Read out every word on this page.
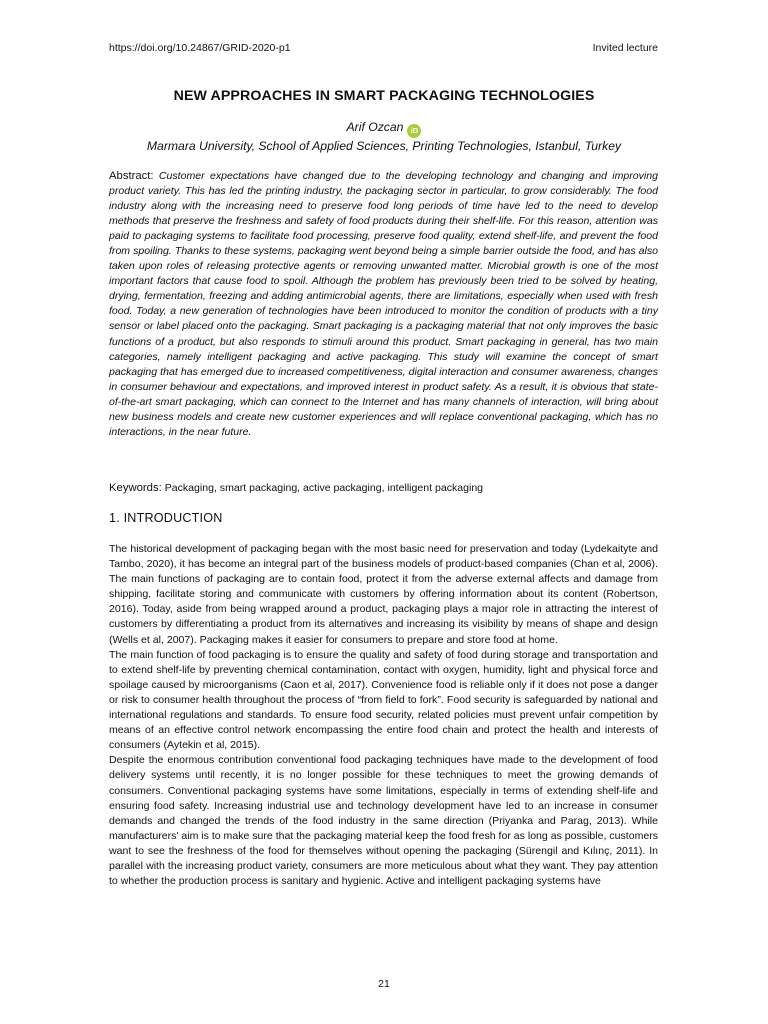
https://doi.org/10.24867/GRID-2020-p1	Invited lecture
NEW APPROACHES IN SMART PACKAGING TECHNOLOGIES
Arif Ozcan iD
Marmara University, School of Applied Sciences, Printing Technologies, Istanbul, Turkey
Abstract: Customer expectations have changed due to the developing technology and changing and improving product variety. This has led the printing industry, the packaging sector in particular, to grow considerably. The food industry along with the increasing need to preserve food long periods of time have led to the need to develop methods that preserve the freshness and safety of food products during their shelf-life. For this reason, attention was paid to packaging systems to facilitate food processing, preserve food quality, extend shelf-life, and prevent the food from spoiling. Thanks to these systems, packaging went beyond being a simple barrier outside the food, and has also taken upon roles of releasing protective agents or removing unwanted matter. Microbial growth is one of the most important factors that cause food to spoil. Although the problem has previously been tried to be solved by heating, drying, fermentation, freezing and adding antimicrobial agents, there are limitations, especially when used with fresh food. Today, a new generation of technologies have been introduced to monitor the condition of products with a tiny sensor or label placed onto the packaging. Smart packaging is a packaging material that not only improves the basic functions of a product, but also responds to stimuli around this product. Smart packaging in general, has two main categories, namely intelligent packaging and active packaging. This study will examine the concept of smart packaging that has emerged due to increased competitiveness, digital interaction and consumer awareness, changes in consumer behaviour and expectations, and improved interest in product safety. As a result, it is obvious that state-of-the-art smart packaging, which can connect to the Internet and has many channels of interaction, will bring about new business models and create new customer experiences and will replace conventional packaging, which has no interactions, in the near future.
Keywords: Packaging, smart packaging, active packaging, intelligent packaging
1. INTRODUCTION

The historical development of packaging began with the most basic need for preservation and today (Lydekaityte and Tambo, 2020), it has become an integral part of the business models of product-based companies (Chan et al, 2006). The main functions of packaging are to contain food, protect it from the adverse external affects and damage from shipping, facilitate storing and communicate with customers by offering information about its content (Robertson, 2016). Today, aside from being wrapped around a product, packaging plays a major role in attracting the interest of customers by differentiating a product from its alternatives and increasing its visibility by means of shape and design (Wells et al, 2007). Packaging makes it easier for consumers to prepare and store food at home.

The main function of food packaging is to ensure the quality and safety of food during storage and transportation and to extend shelf-life by preventing chemical contamination, contact with oxygen, humidity, light and physical force and spoilage caused by microorganisms (Caon et al, 2017). Convenience food is reliable only if it does not pose a danger or risk to consumer health throughout the process of “from field to fork”. Food security is safeguarded by national and international regulations and standards. To ensure food security, related policies must prevent unfair competition by means of an effective control network encompassing the entire food chain and protect the health and interests of consumers (Aytekin et al, 2015).

Despite the enormous contribution conventional food packaging techniques have made to the development of food delivery systems until recently, it is no longer possible for these techniques to meet the growing demands of consumers. Conventional packaging systems have some limitations, especially in terms of extending shelf-life and ensuring food safety. Increasing industrial use and technology development have led to an increase in consumer demands and changed the trends of the food industry in the same direction (Priyanka and Parag, 2013). While manufacturers' aim is to make sure that the packaging material keep the food fresh for as long as possible, customers want to see the freshness of the food for themselves without opening the packaging (Sürengil and Kılınç, 2011). In parallel with the increasing product variety, consumers are more meticulous about what they want. They pay attention to whether the production process is sanitary and hygienic. Active and intelligent packaging systems have

21
